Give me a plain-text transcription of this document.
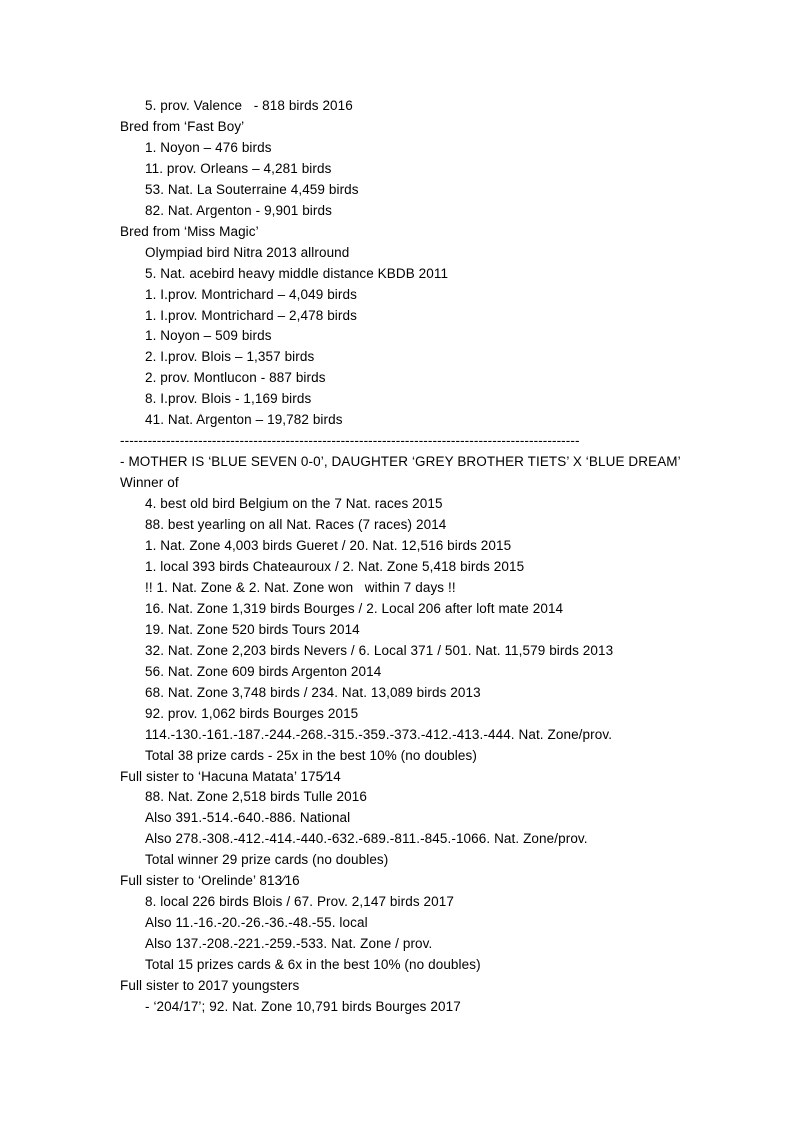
5. prov. Valence   - 818 birds 2016
Bred from ‘Fast Boy’
1. Noyon – 476 birds
11. prov. Orleans – 4,281 birds
53. Nat. La Souterraine 4,459 birds
82. Nat. Argenton - 9,901 birds
Bred from ‘Miss Magic’
Olympiad bird Nitra 2013 allround
5. Nat. acebird heavy middle distance KBDB 2011
1. I.prov. Montrichard – 4,049 birds
1. I.prov. Montrichard – 2,478 birds
1. Noyon – 509 birds
2. I.prov. Blois – 1,357 birds
2. prov. Montlucon - 887 birds
8. I.prov. Blois - 1,169 birds
41. Nat. Argenton – 19,782 birds
----------------------------------------------------------------------------------------------------
- MOTHER IS ‘BLUE SEVEN 0-0’, DAUGHTER ‘GREY BROTHER TIETS’ X ‘BLUE DREAM’
Winner of
4. best old bird Belgium on the 7 Nat. races 2015
88. best yearling on all Nat. Races (7 races) 2014
1. Nat. Zone 4,003 birds Gueret / 20. Nat. 12,516 birds 2015
1. local 393 birds Chateauroux / 2. Nat. Zone 5,418 birds 2015
!! 1. Nat. Zone & 2. Nat. Zone won   within 7 days !!
16. Nat. Zone 1,319 birds Bourges / 2. Local 206 after loft mate 2014
19. Nat. Zone 520 birds Tours 2014
32. Nat. Zone 2,203 birds Nevers / 6. Local 371 / 501. Nat. 11,579 birds 2013
56. Nat. Zone 609 birds Argenton 2014
68. Nat. Zone 3,748 birds / 234. Nat. 13,089 birds 2013
92. prov. 1,062 birds Bourges 2015
114.-130.-161.-187.-244.-268.-315.-359.-373.-412.-413.-444. Nat. Zone/prov.
Total 38 prize cards - 25x in the best 10% (no doubles)
Full sister to ‘Hacuna Matata’ 175⁄14
88. Nat. Zone 2,518 birds Tulle 2016
Also 391.-514.-640.-886. National
Also 278.-308.-412.-414.-440.-632.-689.-811.-845.-1066. Nat. Zone/prov.
Total winner 29 prize cards (no doubles)
Full sister to ‘Orelinde’ 813⁄16
8. local 226 birds Blois / 67. Prov. 2,147 birds 2017
Also 11.-16.-20.-26.-36.-48.-55. local
Also 137.-208.-221.-259.-533. Nat. Zone / prov.
Total 15 prizes cards & 6x in the best 10% (no doubles)
Full sister to 2017 youngsters
- ‘204/17’; 92. Nat. Zone 10,791 birds Bourges 2017
